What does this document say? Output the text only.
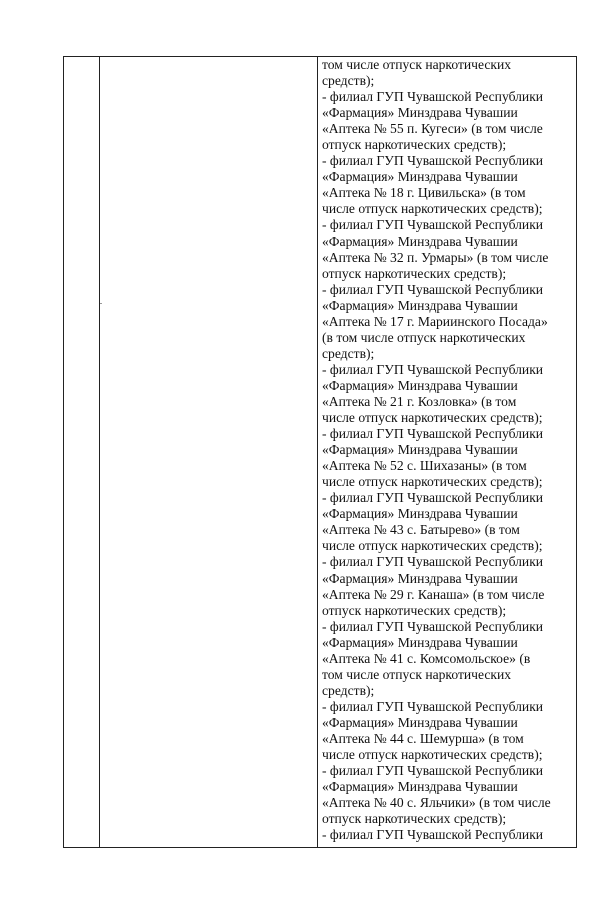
том числе отпуск наркотических
средств);
- филиал ГУП Чувашской Республики
«Фармация» Минздрава Чувашии
«Аптека № 55 п. Кугеси» (в том числе
отпуск наркотических средств);
- филиал ГУП Чувашской Республики
«Фармация» Минздрава Чувашии
«Аптека № 18 г. Цивильска» (в том
числе отпуск наркотических средств);
- филиал ГУП Чувашской Республики
«Фармация» Минздрава Чувашии
«Аптека № 32 п. Урмары» (в том числе
отпуск наркотических средств);
- филиал ГУП Чувашской Республики
«Фармация» Минздрава Чувашии
«Аптека № 17 г. Мариинского Посада»
(в том числе отпуск наркотических
средств);
- филиал ГУП Чувашской Республики
«Фармация» Минздрава Чувашии
«Аптека № 21 г. Козловка» (в том
числе отпуск наркотических средств);
- филиал ГУП Чувашской Республики
«Фармация» Минздрава Чувашии
«Аптека № 52 с. Шихазаны» (в том
числе отпуск наркотических средств);
- филиал ГУП Чувашской Республики
«Фармация» Минздрава Чувашии
«Аптека № 43 с. Батырево» (в том
числе отпуск наркотических средств);
- филиал ГУП Чувашской Республики
«Фармация» Минздрава Чувашии
«Аптека № 29 г. Канаша» (в том числе
отпуск наркотических средств);
- филиал ГУП Чувашской Республики
«Фармация» Минздрава Чувашии
«Аптека № 41 с. Комсомольское» (в
том числе отпуск наркотических
средств);
- филиал ГУП Чувашской Республики
«Фармация» Минздрава Чувашии
«Аптека № 44 с. Шемурша» (в том
числе отпуск наркотических средств);
- филиал ГУП Чувашской Республики
«Фармация» Минздрава Чувашии
«Аптека № 40 с. Яльчики» (в том числе
отпуск наркотических средств);
- филиал ГУП Чувашской Республики
